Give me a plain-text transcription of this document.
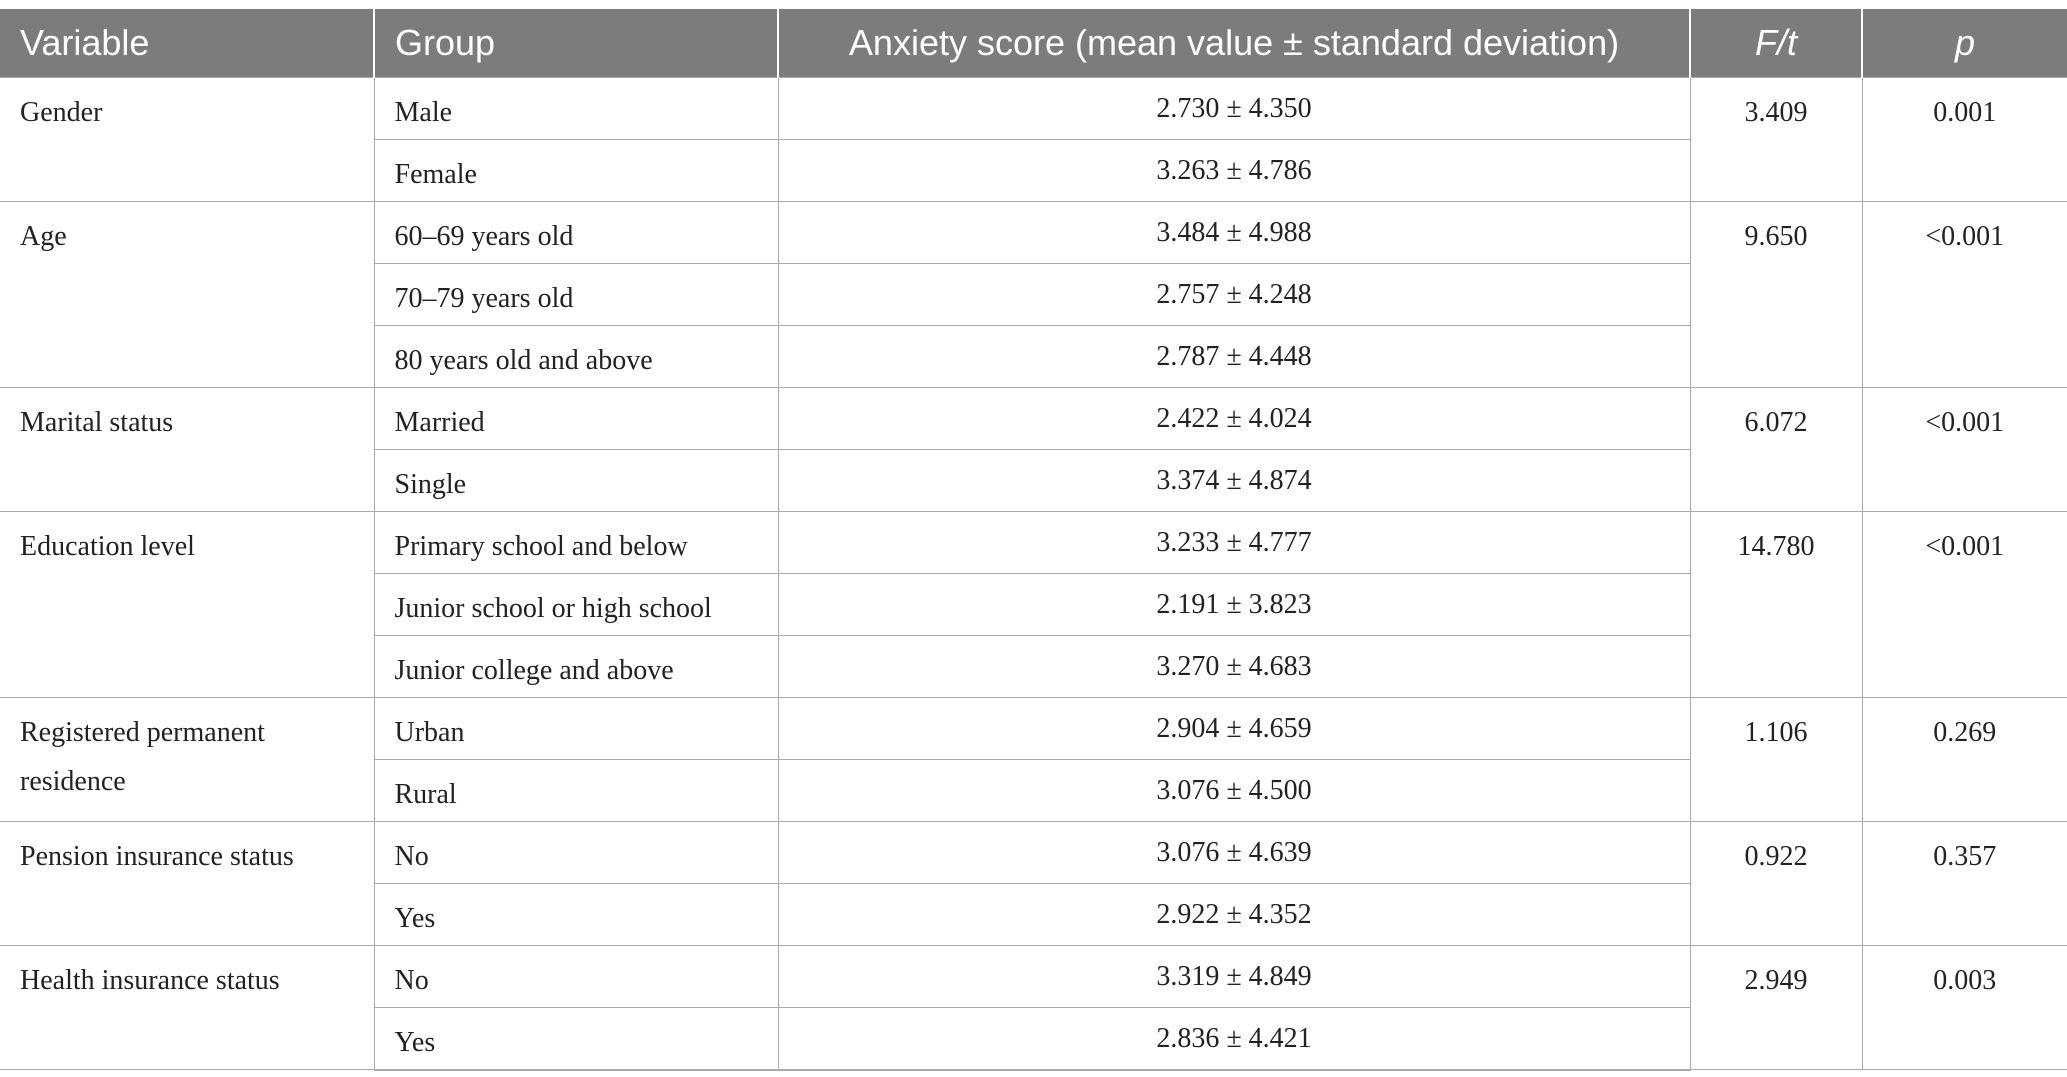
Variable	Group	Anxiety score (mean value ± standard deviation)	F/t	p
Gender	Male	2.730 ± 4.350	3.409	0.001
	Female	3.263 ± 4.786		
Age	60–69 years old	3.484 ± 4.988	9.650	<0.001
	70–79 years old	2.757 ± 4.248		
	80 years old and above	2.787 ± 4.448		
Marital status	Married	2.422 ± 4.024	6.072	<0.001
	Single	3.374 ± 4.874		
Education level	Primary school and below	3.233 ± 4.777	14.780	<0.001
	Junior school or high school	2.191 ± 3.823		
	Junior college and above	3.270 ± 4.683		
Registered permanent residence	Urban	2.904 ± 4.659	1.106	0.269
	Rural	3.076 ± 4.500		
Pension insurance status	No	3.076 ± 4.639	0.922	0.357
	Yes	2.922 ± 4.352		
Health insurance status	No	3.319 ± 4.849	2.949	0.003
	Yes	2.836 ± 4.421		
